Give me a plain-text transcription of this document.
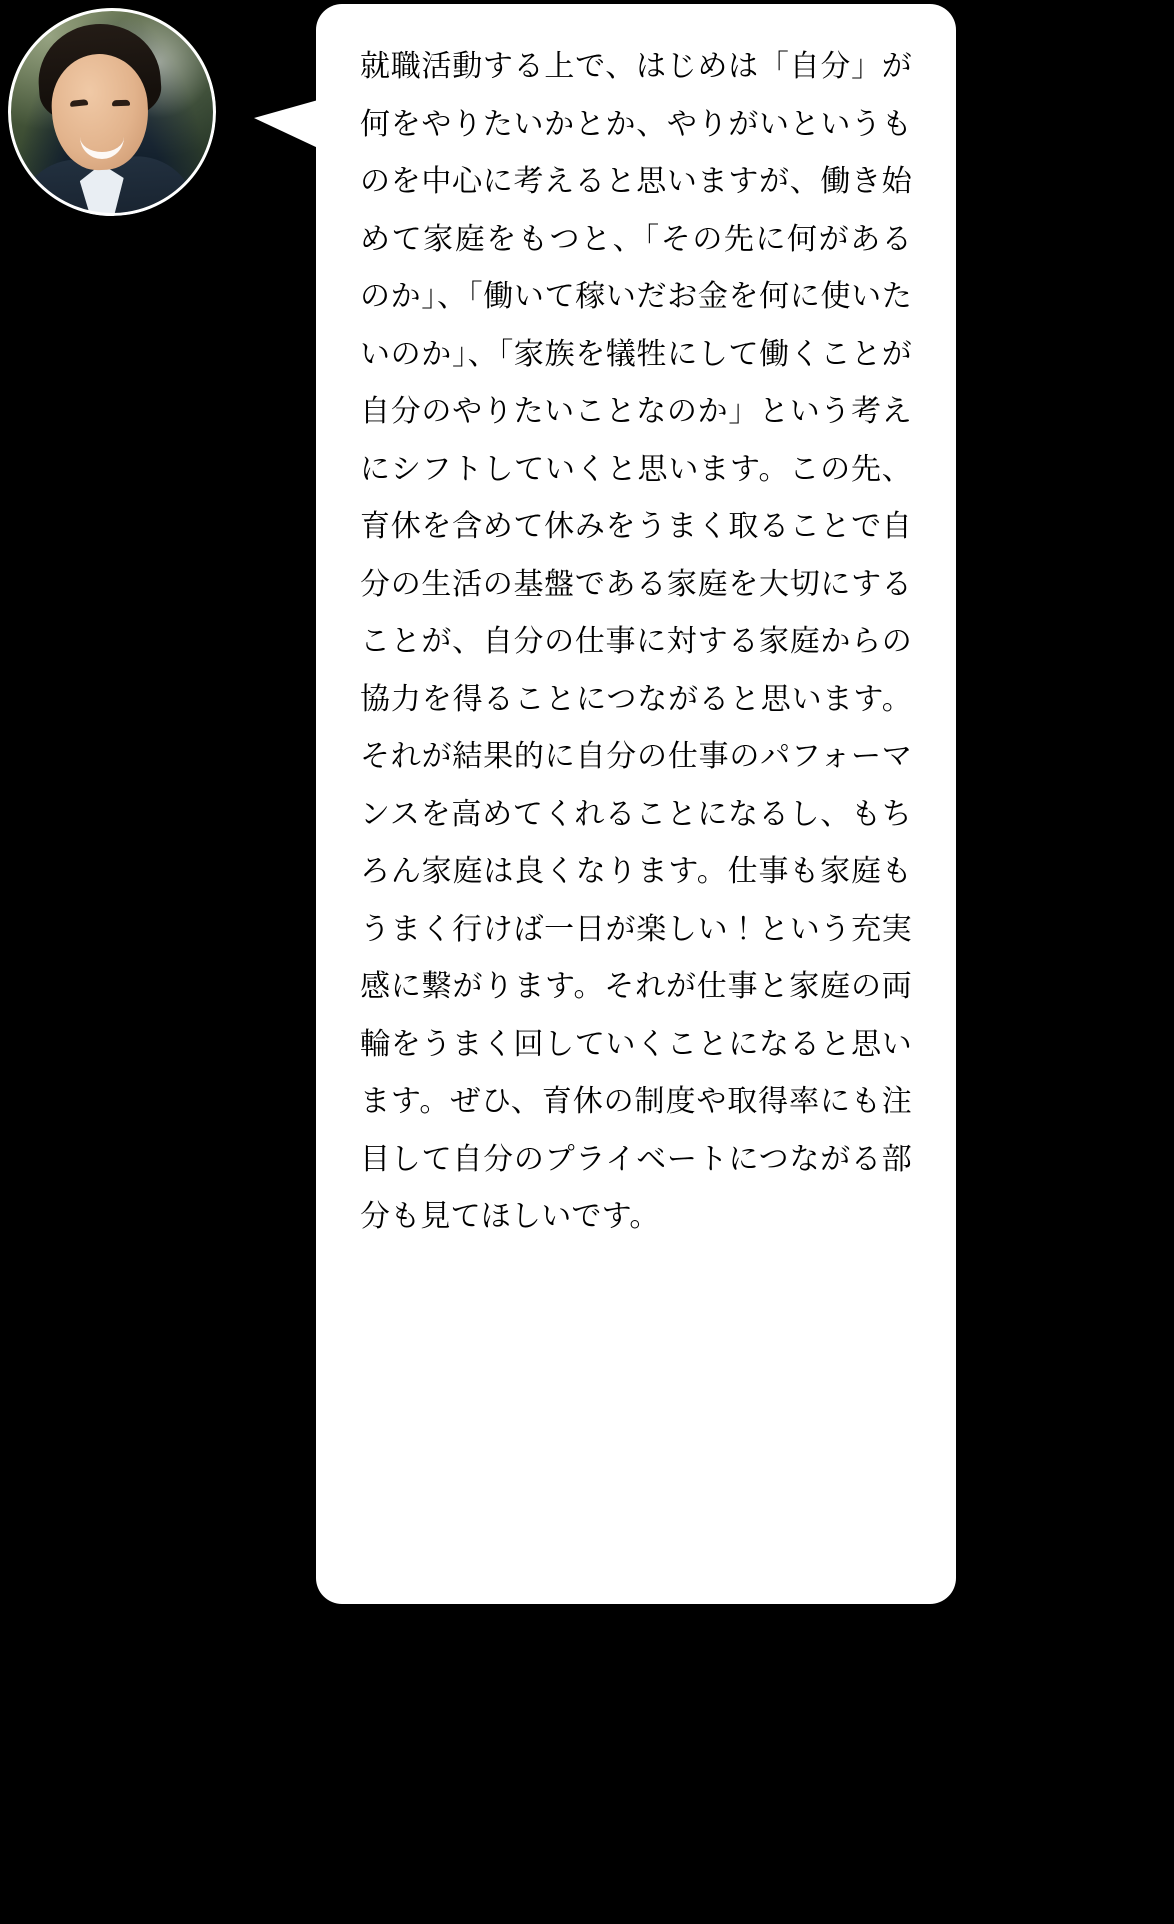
就職活動する上で、はじめは「自分」が何をやりたいかとか、やりがいというものを中心に考えると思いますが、働き始めて家庭をもつと、「その先に何があるのか」、「働いて稼いだお金を何に使いたいのか」、「家族を犠牲にして働くことが自分のやりたいことなのか」という考えにシフトしていくと思います。この先、育休を含めて休みをうまく取ることで自分の生活の基盤である家庭を大切にすることが、自分の仕事に対する家庭からの協力を得ることにつながると思います。それが結果的に自分の仕事のパフォーマンスを高めてくれることになるし、もちろん家庭は良くなります。仕事も家庭もうまく行けば一日が楽しい！という充実感に繋がります。それが仕事と家庭の両輪をうまく回していくことになると思います。ぜひ、育休の制度や取得率にも注目して自分のプライベートにつながる部分も見てほしいです。
